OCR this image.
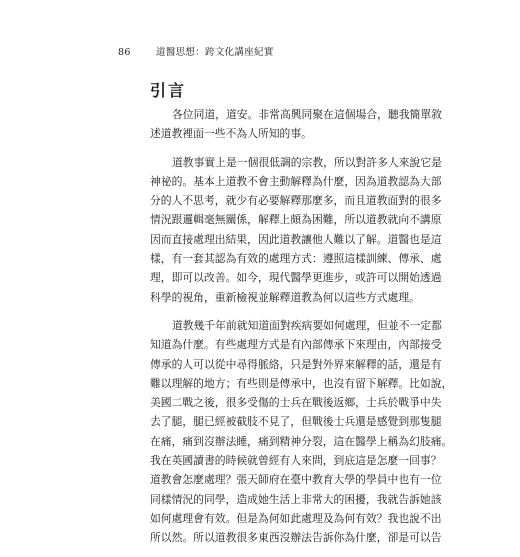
86	道醫思想：跨文化講座紀實
引言

各位同道，道安。非常高興同聚在這個場合，聽我簡單敘
述道教裡面一些不為人所知的事。

道教事實上是一個很低調的宗教，所以對許多人來說它是
神祕的。基本上道教不會主動解釋為什麼，因為道教認為大部
分的人不思考，就少有必要解釋那麼多，而且道教面對的很多
情況跟邏輯毫無關係，解釋上頗為困難，所以道教就向不講原
因而直接處理出結果，因此道教讓他人難以了解。道醫也是這
樣，有一套其認為有效的處理方式：遵照這樣訓練、傳承、處
理，即可以改善。如今，現代醫學更進步，或許可以開始透過
科學的視角，重新檢視並解釋道教為何以這些方式處理。

道教幾千年前就知道面對疾病要如何處理，但並不一定都
知道為什麼。有些處理方式是有內部傳承下來理由，內部接受
傳承的人可以從中尋得脈絡，只是對外界來解釋的話，還是有
難以理解的地方；有些則是傳承中，也沒有留下解釋。比如說，
美國二戰之後，很多受傷的士兵在戰後返鄉，士兵於戰爭中失
去了腿，腿已經被截肢不見了，但戰後士兵還是感覺到那隻腿
在痛，痛到沒辦法睡，痛到精神分裂，這在醫學上稱為幻肢痛。
我在英國讀書的時候就曾經有人來問，到底這是怎麼一回事？
道教會怎麼處理？張天師府在臺中教育大學的學員中也有一位
同樣情況的同學，造成她生活上非常大的困擾，我就告訴她該
如何處理會有效。但是為何如此處理及為何有效？我也說不出
所以然。所以道教很多東西沒辦法告訴你為什麼，卻是可以告
